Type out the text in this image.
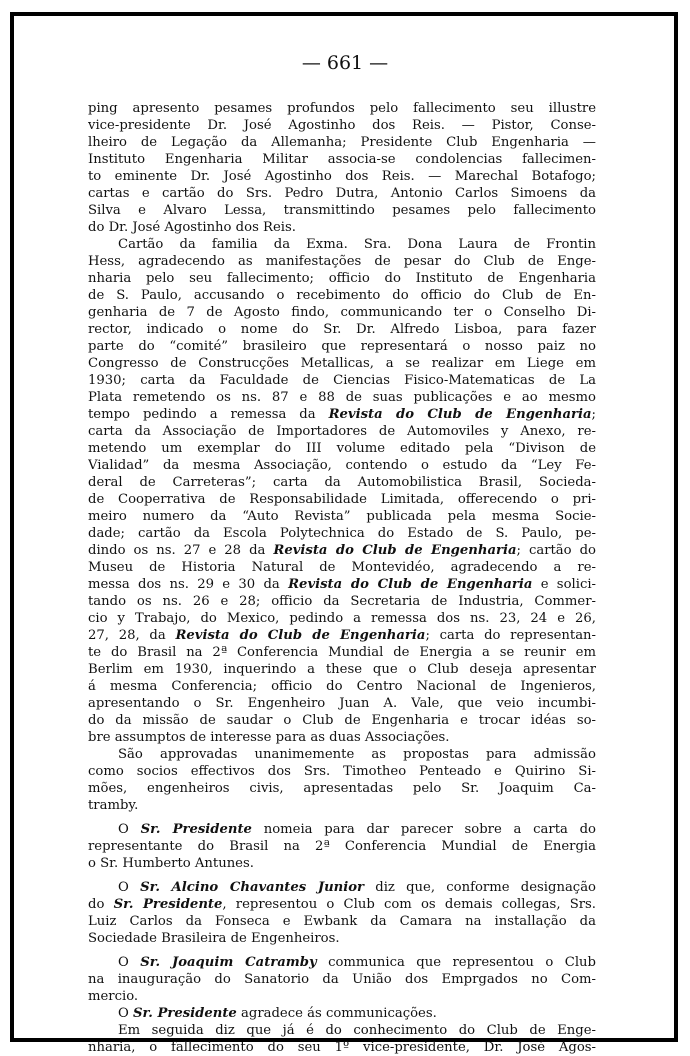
— 661 —
ping apresento pesames profundos pelo fallecimento seu illustre
vice-presidente Dr. José Agostinho dos Reis. — Pistor, Conse-
lheiro de Legação da Allemanha; Presidente Club Engenharia —
Instituto Engenharia Militar associa-se condolencias fallecimen-
to eminente Dr. José Agostinho dos Reis. — Marechal Botafogo;
cartas e cartão do Srs. Pedro Dutra, Antonio Carlos Simoens da
Silva e Alvaro Lessa, transmittindo pesames pelo fallecimento
do Dr. José Agostinho dos Reis.
Cartão da familia da Exma. Sra. Dona Laura de Frontin
Hess, agradecendo as manifestações de pesar do Club de Enge-
nharia pelo seu fallecimento; officio do Instituto de Engenharia
de S. Paulo, accusando o recebimento do officio do Club de En-
genharia de 7 de Agosto findo, communicando ter o Conselho Di-
rector, indicado o nome do Sr. Dr. Alfredo Lisboa, para fazer
parte do “comité” brasileiro que representará o nosso paiz no
Congresso de Construcções Metallicas, a se realizar em Liege em
1930; carta da Faculdade de Ciencias Fisico-Matematicas de La
Plata remetendo os ns. 87 e 88 de suas publicações e ao mesmo
tempo pedindo a remessa da Revista do Club de Engenharia;
carta da Associação de Importadores de Automoviles y Anexo, re-
metendo um exemplar do III volume editado pela “Divison de
Vialidad” da mesma Associação, contendo o estudo da “Ley Fe-
deral de Carreteras”; carta da Automobilistica Brasil, Socieda-
de Cooperrativa de Responsabilidade Limitada, offerecendo o pri-
meiro numero da “Auto Revista” publicada pela mesma Socie-
dade; cartão da Escola Polytechnica do Estado de S. Paulo, pe-
dindo os ns. 27 e 28 da Revista do Club de Engenharia; cartão do
Museu de Historia Natural de Montevidéo, agradecendo a re-
messa dos ns. 29 e 30 da Revista do Club de Engenharia e solici-
tando os ns. 26 e 28; officio da Secretaria de Industria, Commer-
cio y Trabajo, do Mexico, pedindo a remessa dos ns. 23, 24 e 26,
27, 28, da Revista do Club de Engenharia; carta do representan-
te do Brasil na 2ª Conferencia Mundial de Energia a se reunir em
Berlim em 1930, inquerindo a these que o Club deseja apresentar
á mesma Conferencia; officio do Centro Nacional de Ingenieros,
apresentando o Sr. Engenheiro Juan A. Vale, que veio incumbi-
do da missão de saudar o Club de Engenharia e trocar idéas so-
bre assumptos de interesse para as duas Associações.
São approvadas unanimemente as propostas para admissão
como socios effectivos dos Srs. Timotheo Penteado e Quirino Si-
mões, engenheiros civis, apresentadas pelo Sr. Joaquim Ca-
tramby.
O Sr. Presidente nomeia para dar parecer sobre a carta do
representante do Brasil na 2ª Conferencia Mundial de Energia
o Sr. Humberto Antunes.
O Sr. Alcino Chavantes Junior diz que, conforme designação
do Sr. Presidente, representou o Club com os demais collegas, Srs.
Luiz Carlos da Fonseca e Ewbank da Camara na installação da
Sociedade Brasileira de Engenheiros.
O Sr. Joaquim Catramby communica que representou o Club
na inauguração do Sanatorio da União dos Emprgados no Com-
mercio.
O Sr. Presidente agradece ás communicações.
Em seguida diz que já é do conhecimento do Club de Enge-
nharia, o fallecimento do seu 1º vice-presidente, Dr. José Agos-
